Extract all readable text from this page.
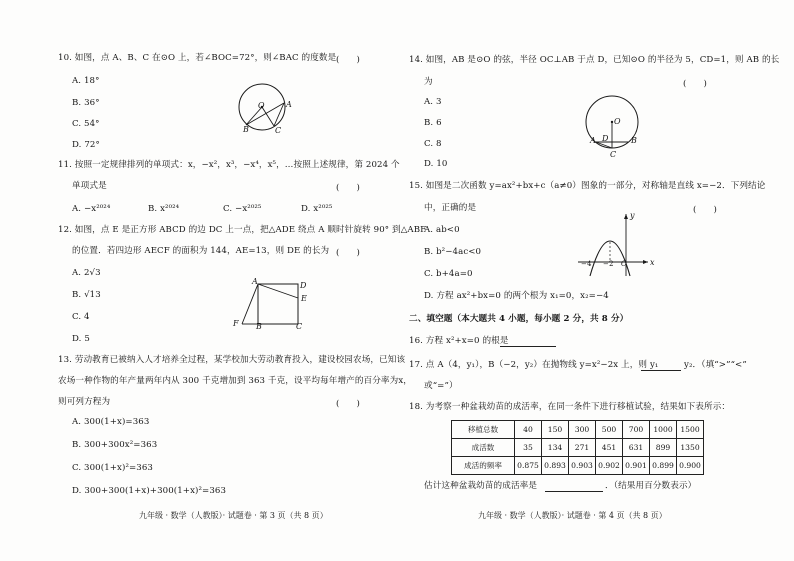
10. 如图，点 A、B、C 在⊙O 上，若∠BOC=72°，则∠BAC 的度数是 (　　)
A. 18°
B. 36°
C. 54°
D. 72°
O	A
B	C
11. 按照一定规律排列的单项式：x，−x²，x³，−x⁴，x⁵，…按照上述规律，第 2024 个
单项式是	(　　)
A. −x²⁰²⁴	B. x²⁰²⁴	C. −x²⁰²⁵	D. x²⁰²⁵
12. 如图，点 E 是正方形 ABCD 的边 DC 上一点，把△ADE 绕点 A 顺时针旋转 90° 到△ABF
的位置．若四边形 AECF 的面积为 144，AE=13，则 DE 的长为 (　　)
A. 2√3
B. √13
C. 4
D. 5
A	D
E
F B	C
13. 劳动教育已被纳入人才培养全过程，某学校加大劳动教育投入，建设校园农场，已知该
农场一种作物的年产量两年内从 300 千克增加到 363 千克，设平均每年增产的百分率为x，
则可列方程为	(　　)
A. 300(1+x)=363
B. 300+300x²=363
C. 300(1+x)²=363
D. 300+300(1+x)+300(1+x)²=363
九年级 · 数学（人教版）· 试题卷 · 第 3 页（共 8 页）
14. 如图，AB 是⊙O 的弦，半径 OC⊥AB 于点 D，已知⊙O 的半径为 5，CD=1，则 AB 的长
为	(　　)
A. 3
B. 6
C. 8
D. 10
O
A D	B
C
15. 如图是二次函数 y=ax²+bx+c（a≠0）图象的一部分，对称轴是直线 x=−2．下列结论
中，正确的是	(　　)
A. ab<0
B. b²−4ac<0
C. b+4a=0
D. 方程 ax²+bx=0 的两个根为 x₁=0，x₂=−4
y
x
O
−4 −2
二、填空题（本大题共 4 小题，每小题 2 分，共 8 分）
16. 方程 x²+x=0 的根是
17. 点 A（4，y₁），B（−2，y₂）在抛物线 y=x²−2x 上，则 y₁	y₂．（填“>”“<”
或“=”）
18. 为考察一种盆栽幼苗的成活率，在同一条件下进行移植试验，结果如下表所示：
移植总数	40	150	300	500	700	1000	1500
成活数	35	134	271	451	631	899	1350
成活的频率	0.875	0.893	0.903	0.902	0.901	0.899	0.900
估计这种盆栽幼苗的成活率是	．（结果用百分数表示）
九年级 · 数学（人教版）· 试题卷 · 第 4 页（共 8 页）
